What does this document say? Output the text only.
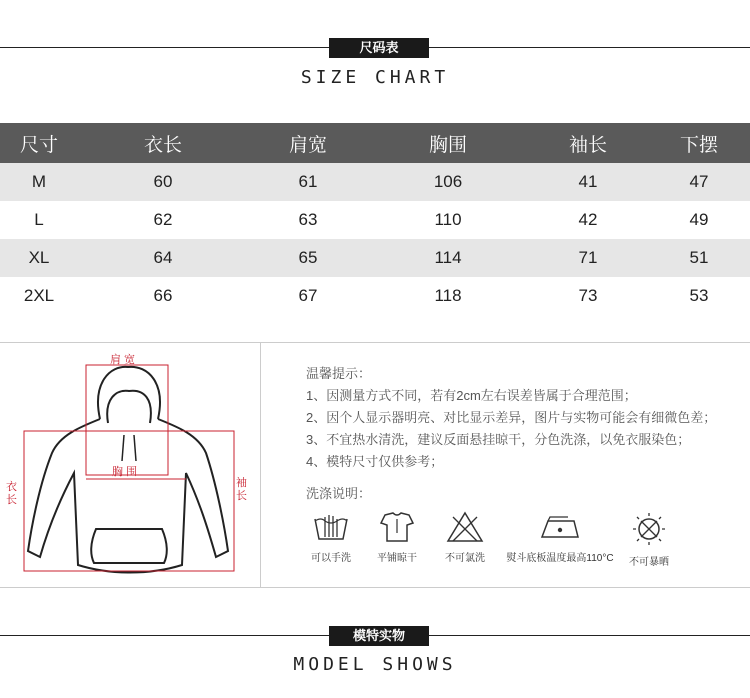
尺码表
SIZE CHART
尺寸	衣长	肩宽	胸围	袖长	下摆
M	60	61	106	41	47
L	62	63	110	42	49
XL	64	65	114	71	51
2XL	66	67	118	73	53
肩 宽
胸 围
衣 长
袖 长
温馨提示：
1、因测量方式不同，若有2cm左右误差皆属于合理范围；
2、因个人显示器明亮、对比显示差异，图片与实物可能会有细微色差；
3、不宜热水清洗，建议反面悬挂晾干，分色洗涤，以免衣服染色；
4、模特尺寸仅供参考；
洗涤说明：
可以手洗	平铺晾干	不可氯洗	熨斗底板温度最高110°C	不可暴晒
模特实物
MODEL SHOWS
